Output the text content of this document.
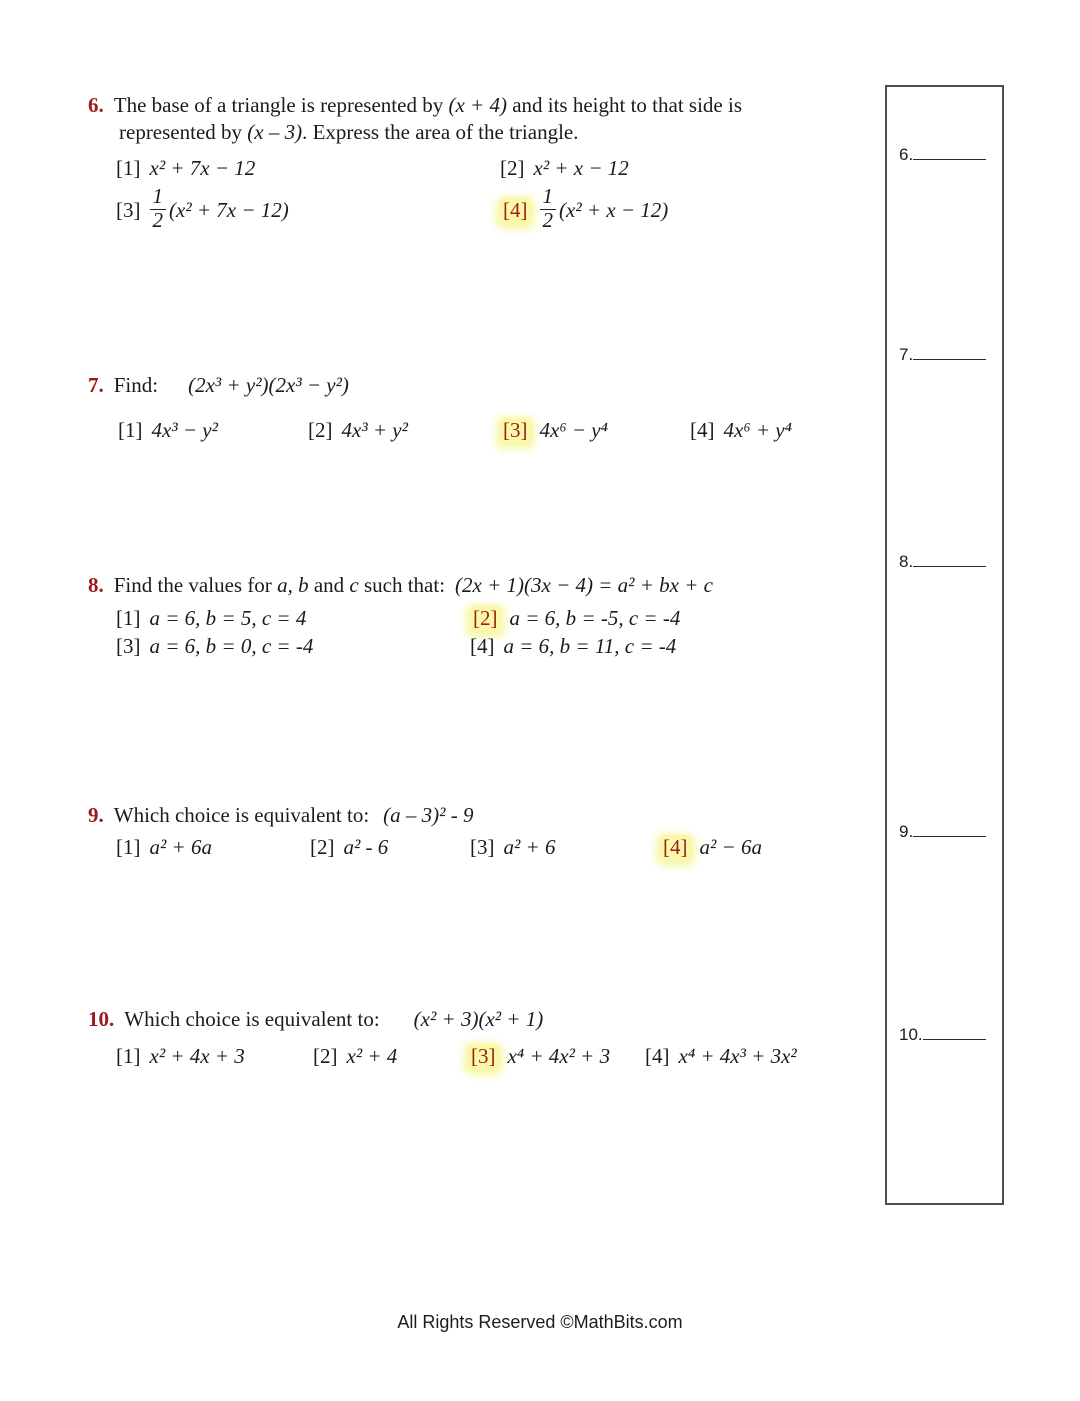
6. The base of a triangle is represented by (x + 4) and its height to that side is
represented by (x – 3). Express the area of the triangle.
[1] x² + 7x − 12	[2] x² + x − 12
$[3] \frac{1}{2} (x^2 + 7x - 12)$	$[4] \frac{1}{2} (x^2 + x - 12)$
7. Find: (2x³ + y²)(2x³ − y²)
[1] 4x³ − y²	[2] 4x³ + y²	[3] 4x⁶ − y⁴	[4] 4x⁶ + y⁴
8. Find the values for a, b and c such that: (2x + 1)(3x − 4) = a² + bx + c
[1] a = 6, b = 5, c = 4	[2] a = 6, b = -5, c = -4
[3] a = 6, b = 0, c = -4	[4] a = 6, b = 11, c = -4
9. Which choice is equivalent to: (a – 3)² - 9
[1] a² + 6a	[2] a² - 6	[3] a² + 6	[4] a² − 6a
10. Which choice is equivalent to: (x² + 3)(x² + 1)
[1] x² + 4x + 3	[2] x² + 4	[3] x⁴ + 4x² + 3 [4] x⁴ + 4x³ + 3x²
6.
7.
8.
9.
10.
All Rights Reserved ©MathBits.com
